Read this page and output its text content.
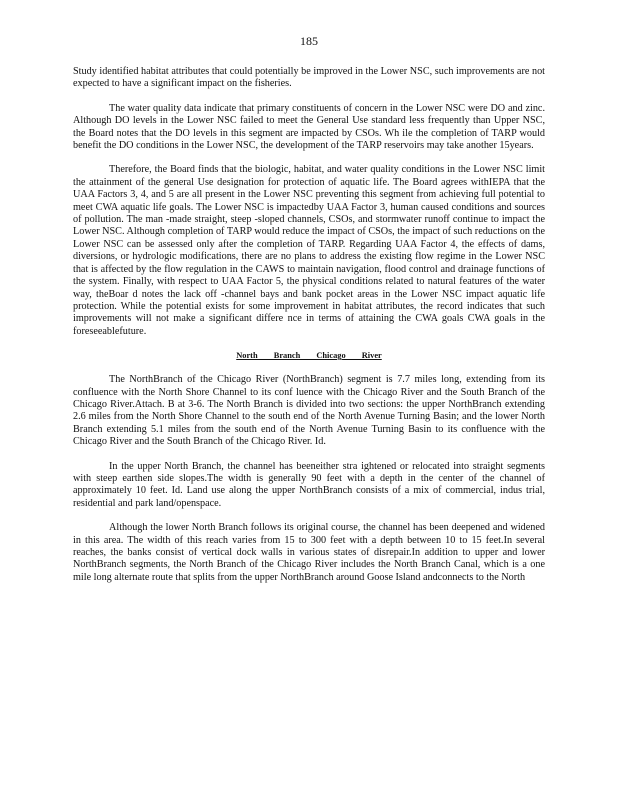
185

Study identified habitat attributes that could potentially be improved in the Lower NSC, such improvements are not expected to have a significant impact on the fisheries.

The water quality data indicate that primary constituents of concern in the Lower NSC were DO and zinc. Although DO levels in the Lower NSC failed to meet the General Use standard less frequently than Upper NSC, the Board notes that the DO levels in this segment are impacted by CSOs. Wh ile the completion of TARP would benefit the DO conditions in the Lower NSC, the development of the TARP reservoirs may take another 15years.

Therefore, the Board finds that the biologic, habitat, and water quality conditions in the Lower NSC limit the attainment of the general Use designation for protection of aquatic life. The Board agrees withIEPA that the UAA Factors 3, 4, and 5 are all present in the Lower NSC preventing this segment from achieving full potential to meet CWA aquatic life goals. The Lower NSC is impactedby UAA Factor 3, human caused conditions and sources of pollution. The man -made straight, steep -sloped channels, CSOs, and stormwater runoff continue to impact the Lower NSC. Although completion of TARP would reduce the impact of CSOs, the impact of such reductions on the Lower NSC can be assessed only after the completion of TARP. Regarding UAA Factor 4, the effects of dams, diversions, or hydrologic modifications, there are no plans to address the existing flow regime in the Lower NSC that is affected by the flow regulation in the CAWS to maintain navigation, flood control and drainage functions of the system. Finally, with respect to UAA Factor 5, the physical conditions related to natural features of the water way, theBoar d notes the lack off -channel bays and bank pocket areas in the Lower NSC impact aquatic life protection. While the potential exists for some improvement in habitat attributes, the record indicates that such improvements will not make a significant differe nce in terms of attaining the CWA goals CWA goals in the foreseeablefuture.

North Branch Chicago River

The NorthBranch of the Chicago River (NorthBranch) segment is 7.7 miles long, extending from its confluence with the North Shore Channel to its conf luence with the Chicago River and the South Branch of the Chicago River.Attach. B at 3-6. The North Branch is divided into two sections: the upper NorthBranch extending 2.6 miles from the North Shore Channel to the south end of the North Avenue Turning Basin; and the lower North Branch extending 5.1 miles from the south end of the North Avenue Turning Basin to its confluence with the Chicago River and the South Branch of the Chicago River. Id.

In the upper North Branch, the channel has beeneither stra ightened or relocated into straight segments with steep earthen side slopes.The width is generally 90 feet with a depth in the center of the channel of approximately 10 feet. Id. Land use along the upper NorthBranch consists of a mix of commercial, indus trial, residential and park land/openspace.

Although the lower North Branch follows its original course, the channel has been deepened and widened in this area. The width of this reach varies from 15 to 300 feet with a depth between 10 to 15 feet.In several reaches, the banks consist of vertical dock walls in various states of disrepair.In addition to upper and lower NorthBranch segments, the North Branch of the Chicago River includes the North Branch Canal, which is a one mile long alternate route that splits from the upper NorthBranch around Goose Island andconnects to the North
